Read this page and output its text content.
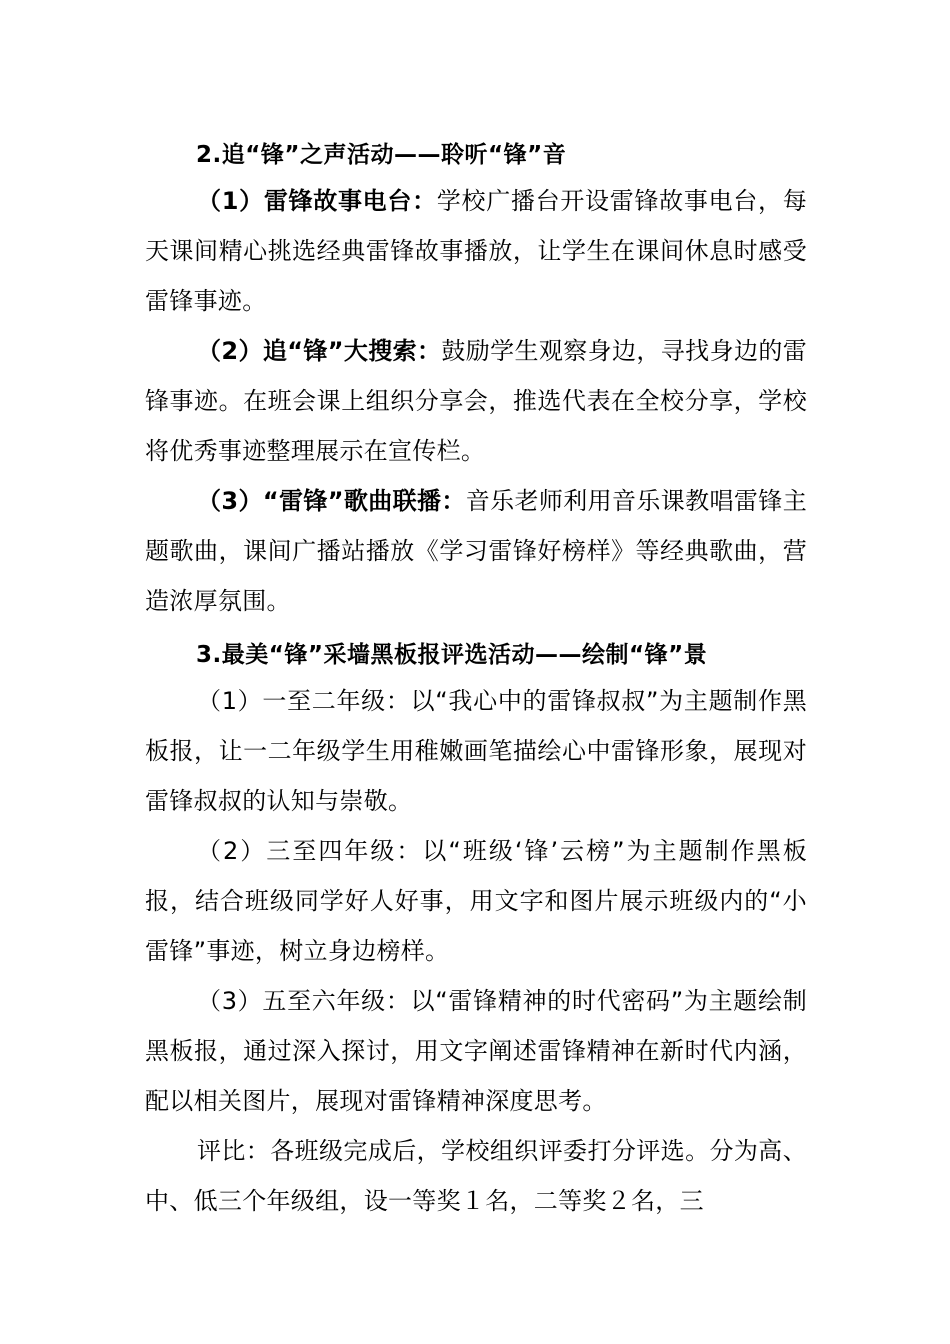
2.追“锋”之声活动——聆听“锋”音
（1）雷锋故事电台：学校广播台开设雷锋故事电台，每天课间精心挑选经典雷锋故事播放，让学生在课间休息时感受雷锋事迹。
（2）追“锋”大搜索：鼓励学生观察身边，寻找身边的雷锋事迹。在班会课上组织分享会，推选代表在全校分享，学校将优秀事迹整理展示在宣传栏。
（3）“雷锋”歌曲联播：音乐老师利用音乐课教唱雷锋主题歌曲，课间广播站播放《学习雷锋好榜样》等经典歌曲，营造浓厚氛围。
3.最美“锋”采墙黑板报评选活动——绘制“锋”景
（1）一至二年级：以“我心中的雷锋叔叔”为主题制作黑板报，让一二年级学生用稚嫩画笔描绘心中雷锋形象，展现对雷锋叔叔的认知与崇敬。
（2）三至四年级：以“班级‘锋’云榜”为主题制作黑板报，结合班级同学好人好事，用文字和图片展示班级内的“小雷锋”事迹，树立身边榜样。
（3）五至六年级：以“雷锋精神的时代密码”为主题绘制黑板报，通过深入探讨，用文字阐述雷锋精神在新时代内涵，配以相关图片，展现对雷锋精神深度思考。
评比：各班级完成后，学校组织评委打分评选。分为高、中、低三个年级组，设一等奖１名，二等奖２名，三
